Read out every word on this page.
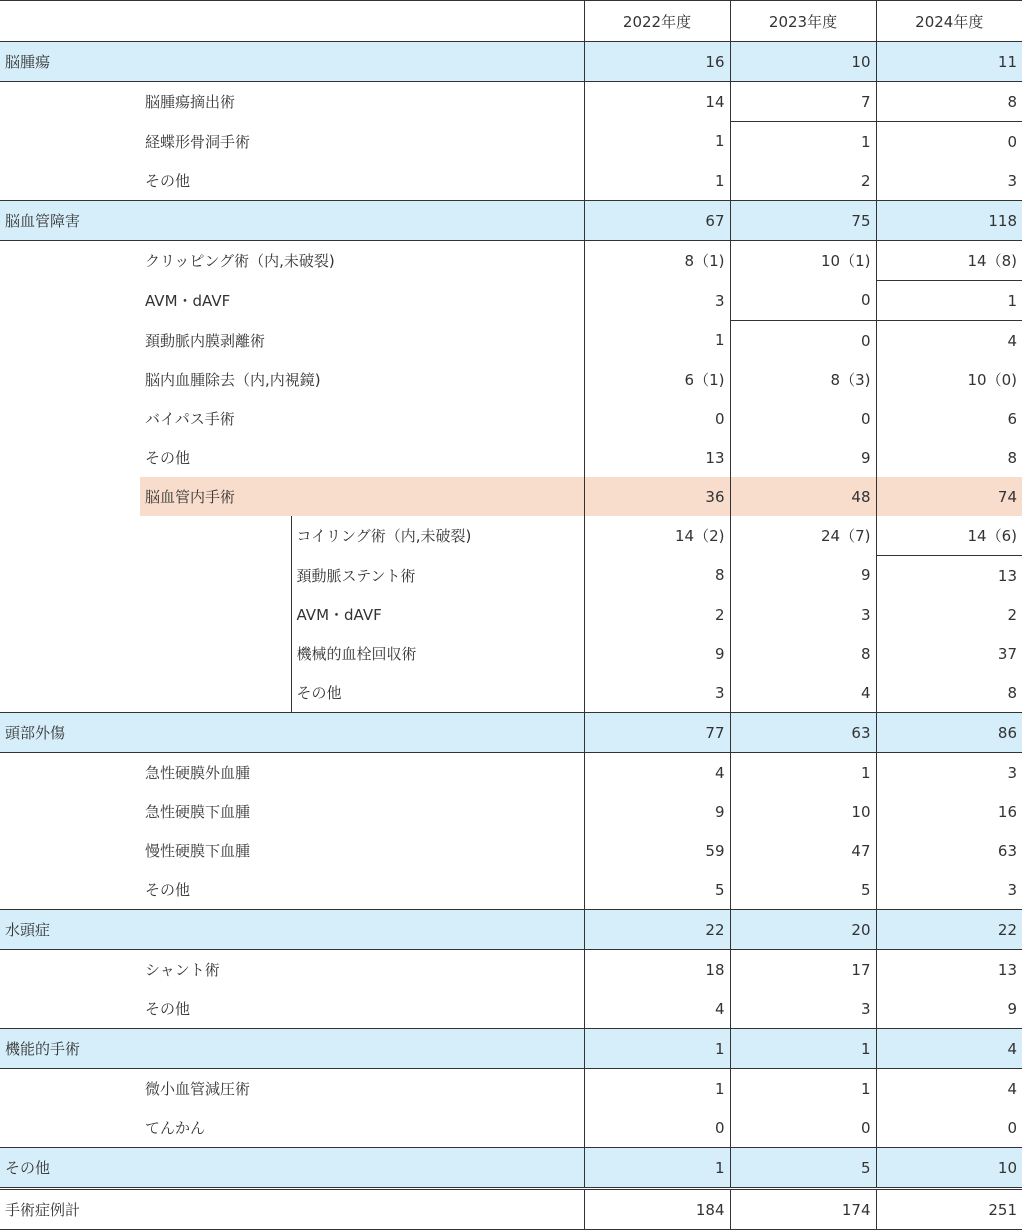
			2022年度	2023年度	2024年度
脳腫瘍			16	10	11
	脳腫瘍摘出術		14	7	8
	経蝶形骨洞手術		1	1	0
	その他		1	2	3
脳血管障害			67	75	118
	クリッピング術（内,未破裂)		8（1)	10（1)	14（8)
	AVM・dAVF		3	0	1
	頚動脈内膜剥離術		1	0	4
	脳内血腫除去（内,内視鏡)		6（1)	8（3)	10（0)
	バイパス手術		0	0	6
	その他		13	9	8
	脳血管内手術		36	48	74
		コイリング術（内,未破裂)	14（2)	24（7)	14（6)
		頚動脈ステント術	8	9	13
		AVM・dAVF	2	3	2
		機械的血栓回収術	9	8	37
		その他	3	4	8
頭部外傷			77	63	86
	急性硬膜外血腫		4	1	3
	急性硬膜下血腫		9	10	16
	慢性硬膜下血腫		59	47	63
	その他		5	5	3
水頭症			22	20	22
	シャント術		18	17	13
	その他		4	3	9
機能的手術			1	1	4
	微小血管減圧術		1	1	4
	てんかん		0	0	0
その他			1	5	10
手術症例計			184	174	251
